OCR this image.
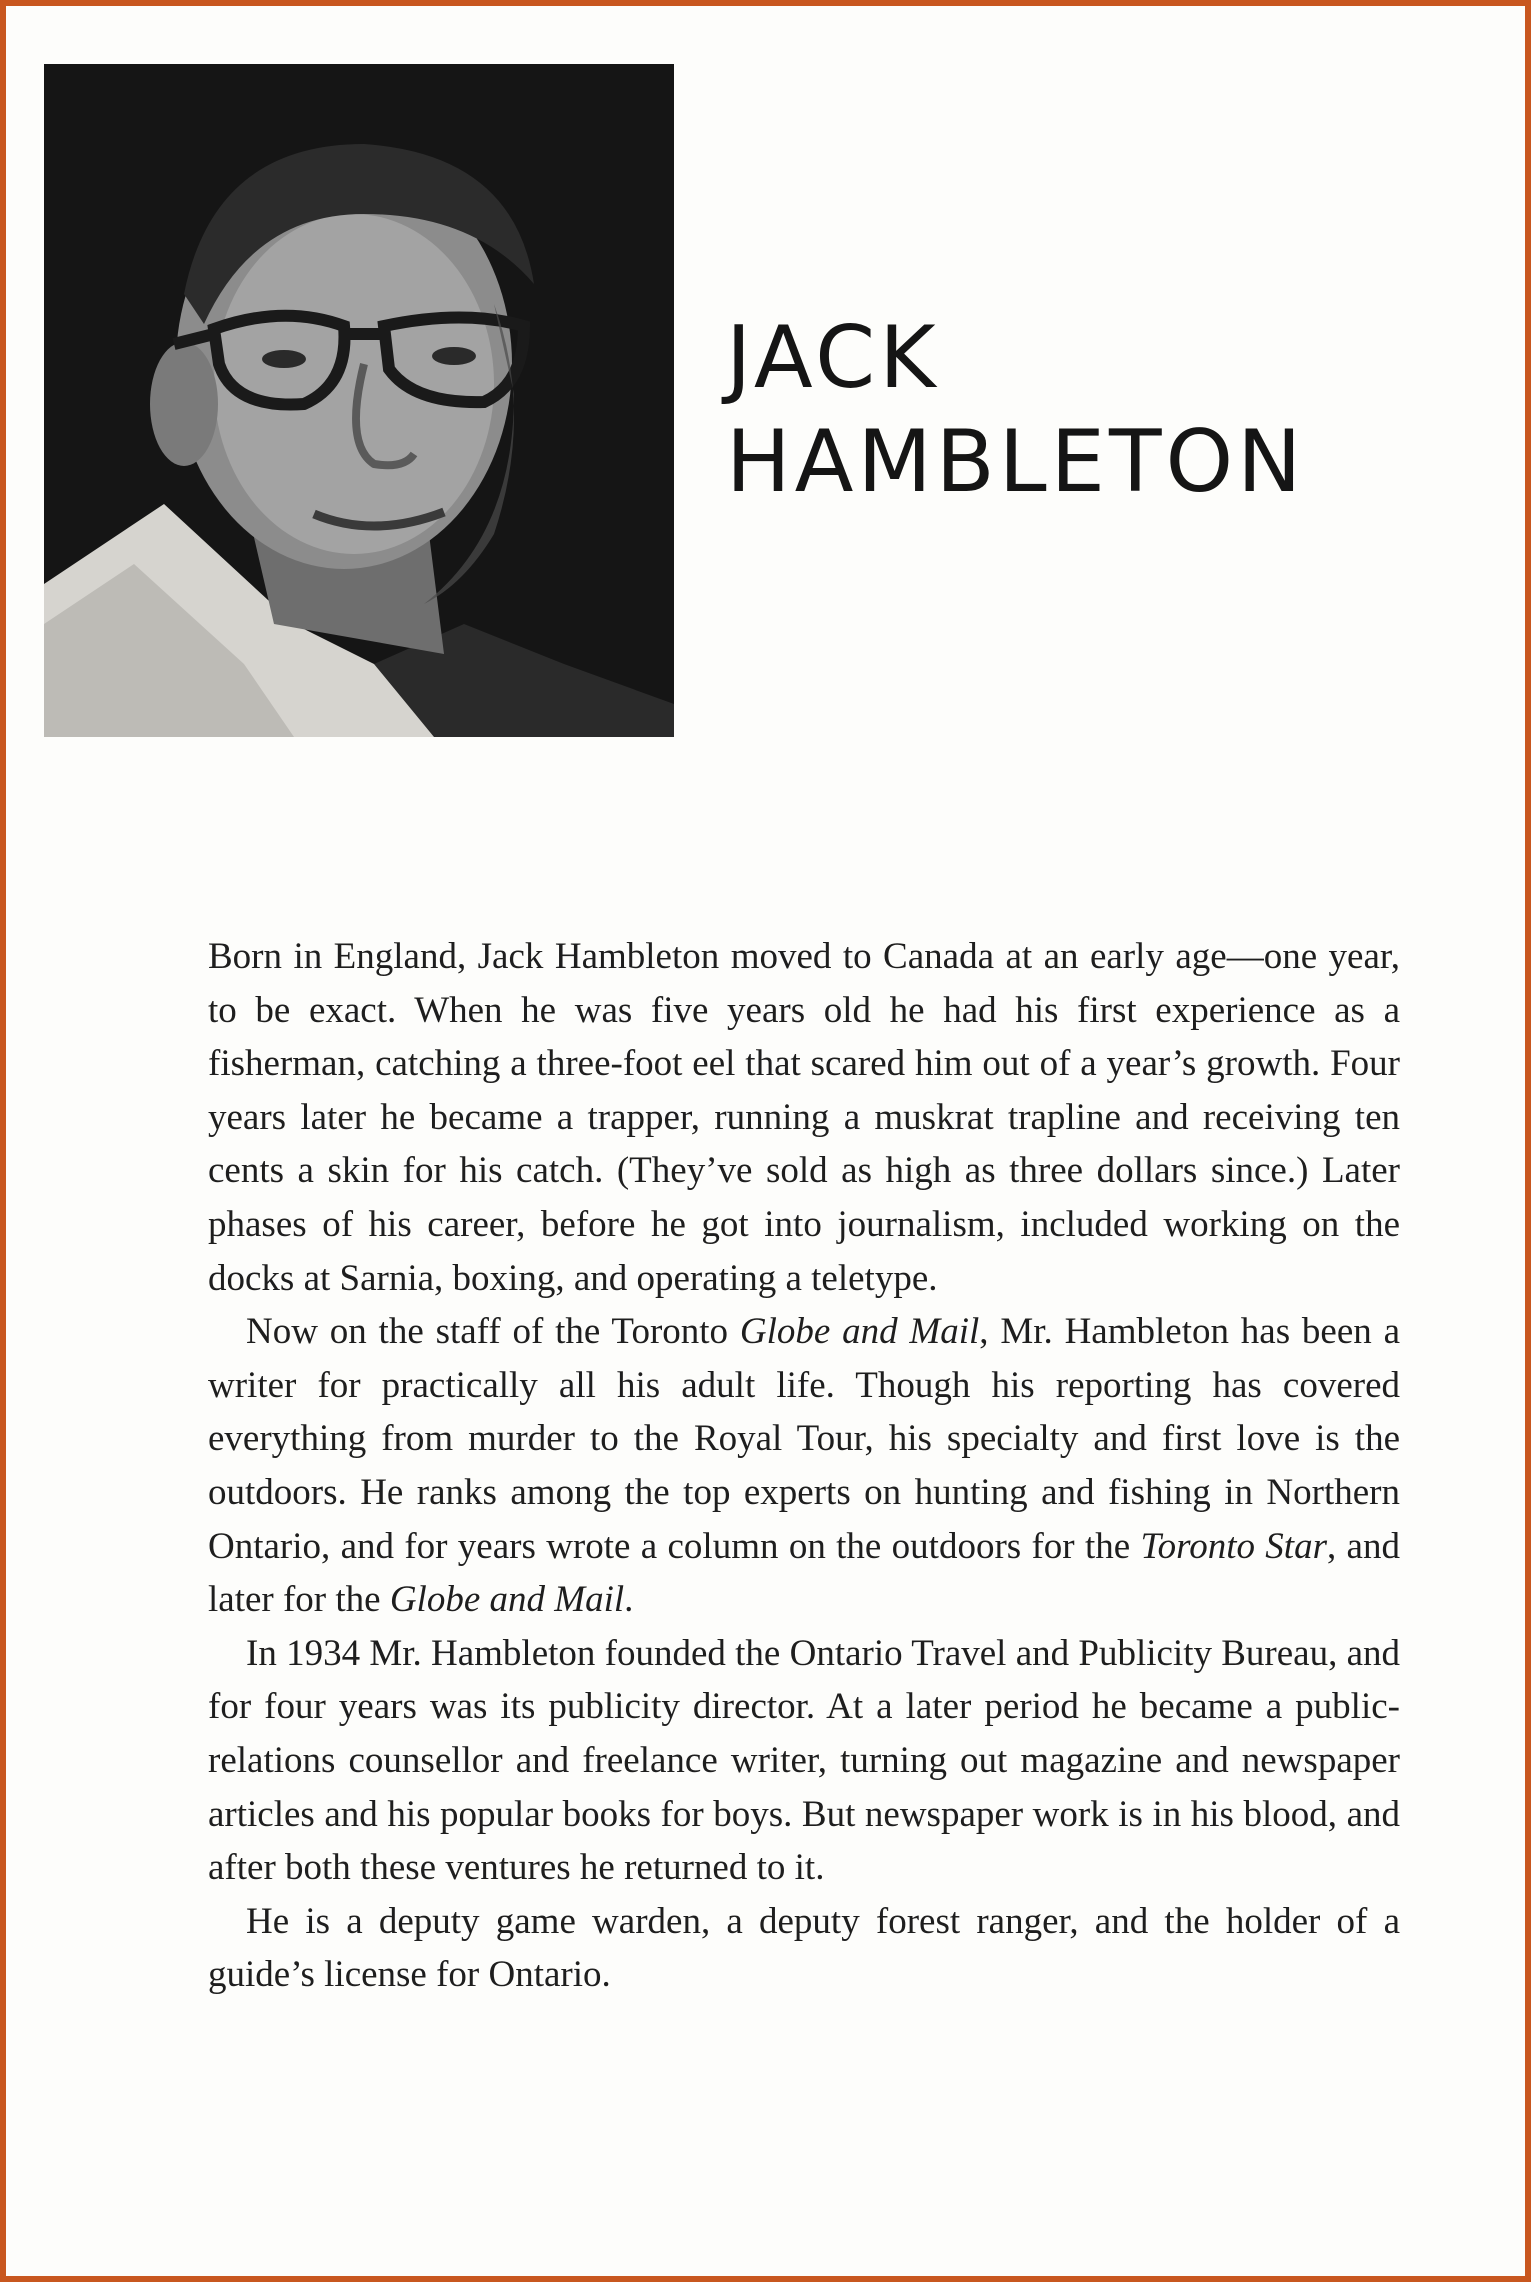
JACK
HAMBLETON

Born in England, Jack Hambleton moved to Canada at an early age—one year, to be exact. When he was five years old he had his first experience as a fisherman, catching a three-foot eel that scared him out of a year’s growth. Four years later he became a trapper, running a muskrat trapline and receiving ten cents a skin for his catch. (They’ve sold as high as three dollars since.) Later phases of his career, before he got into journalism, included working on the docks at Sarnia, boxing, and operating a teletype.

Now on the staff of the Toronto Globe and Mail, Mr. Hambleton has been a writer for practically all his adult life. Though his reporting has covered everything from murder to the Royal Tour, his specialty and first love is the outdoors. He ranks among the top experts on hunting and fishing in Northern Ontario, and for years wrote a column on the outdoors for the Toronto Star, and later for the Globe and Mail.

In 1934 Mr. Hambleton founded the Ontario Travel and Publicity Bureau, and for four years was its publicity director. At a later period he became a public-relations counsellor and freelance writer, turning out magazine and newspaper articles and his popular books for boys. But newspaper work is in his blood, and after both these ventures he returned to it.

He is a deputy game warden, a deputy forest ranger, and the holder of a guide’s license for Ontario.
